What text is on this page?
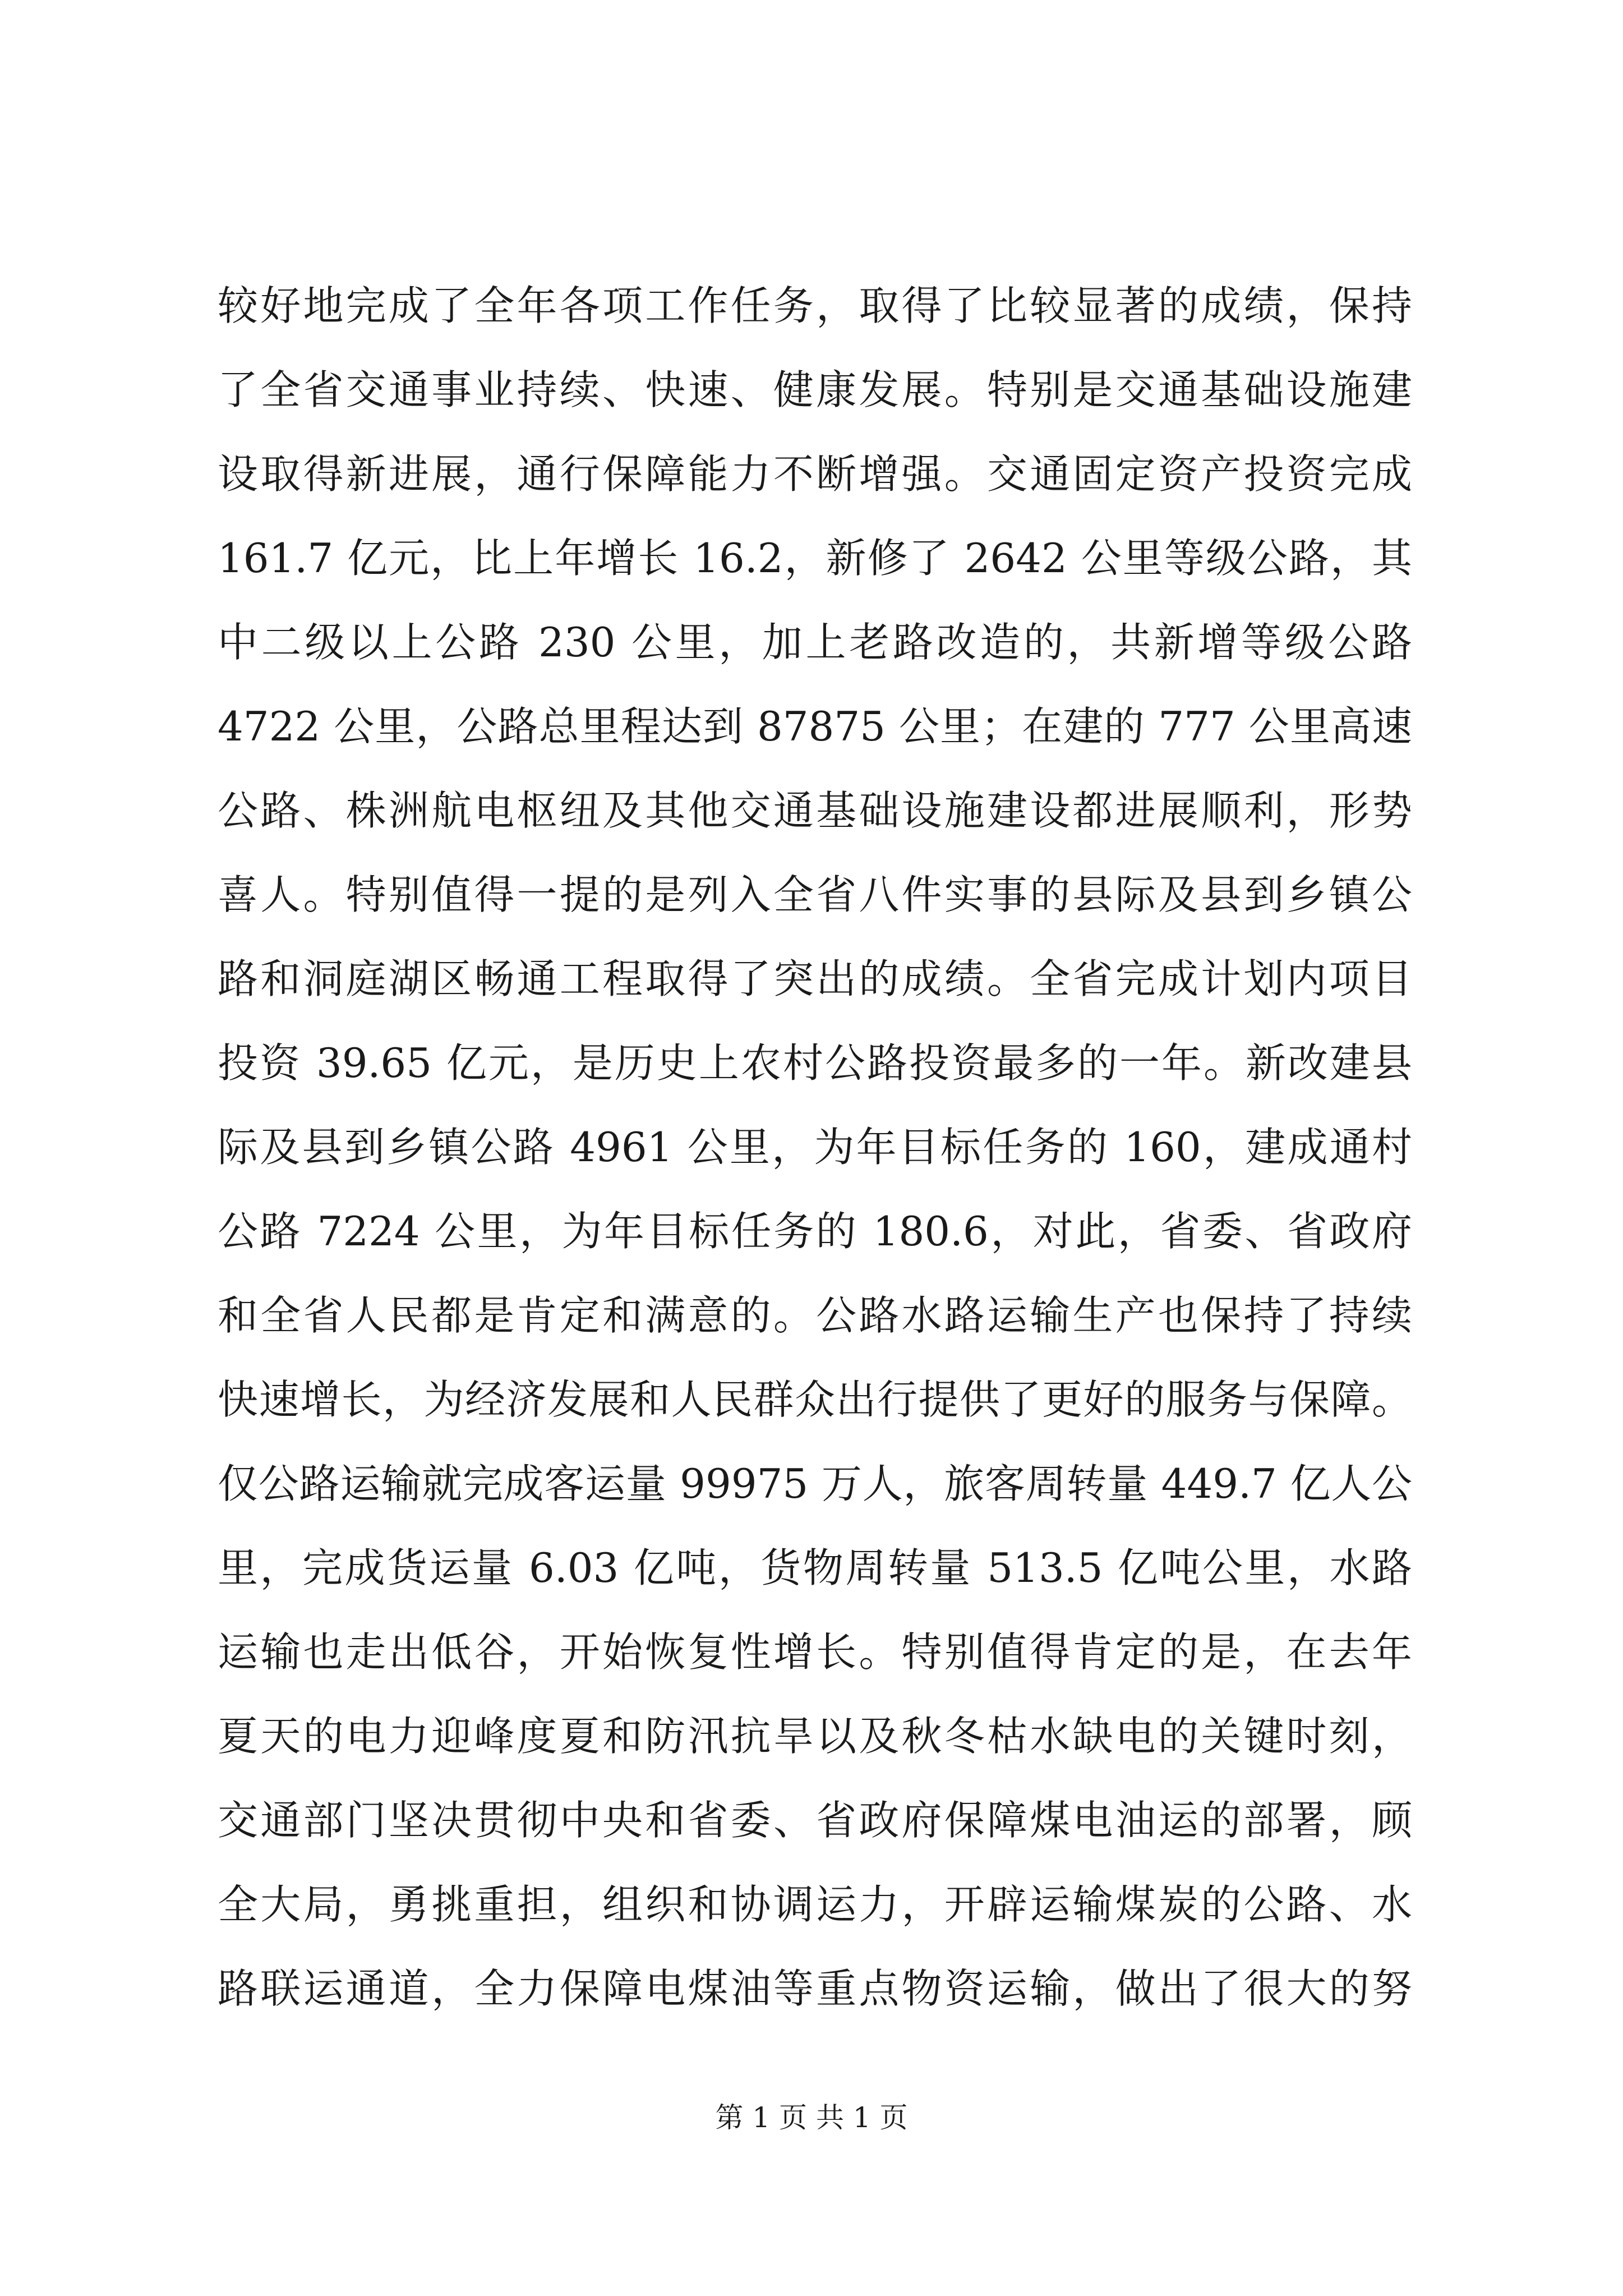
较好地完成了全年各项工作任务，取得了比较显著的成绩，保持
了全省交通事业持续、快速、健康发展。特别是交通基础设施建
设取得新进展，通行保障能力不断增强。交通固定资产投资完成
161.7 亿元，比上年增长 16.2，新修了 2642 公里等级公路，其
中二级以上公路 230 公里，加上老路改造的，共新增等级公路
4722 公里，公路总里程达到 87875 公里；在建的 777 公里高速
公路、株洲航电枢纽及其他交通基础设施建设都进展顺利，形势
喜人。特别值得一提的是列入全省八件实事的县际及县到乡镇公
路和洞庭湖区畅通工程取得了突出的成绩。全省完成计划内项目
投资 39.65 亿元，是历史上农村公路投资最多的一年。新改建县
际及县到乡镇公路 4961 公里，为年目标任务的 160，建成通村
公路 7224 公里，为年目标任务的 180.6，对此，省委、省政府
和全省人民都是肯定和满意的。公路水路运输生产也保持了持续
快速增长，为经济发展和人民群众出行提供了更好的服务与保障。
仅公路运输就完成客运量 99975 万人，旅客周转量 449.7 亿人公
里，完成货运量 6.03 亿吨，货物周转量 513.5 亿吨公里，水路
运输也走出低谷，开始恢复性增长。特别值得肯定的是，在去年
夏天的电力迎峰度夏和防汛抗旱以及秋冬枯水缺电的关键时刻，
交通部门坚决贯彻中央和省委、省政府保障煤电油运的部署，顾
全大局，勇挑重担，组织和协调运力，开辟运输煤炭的公路、水
路联运通道，全力保障电煤油等重点物资运输，做出了很大的努
第 1 页 共 1 页
